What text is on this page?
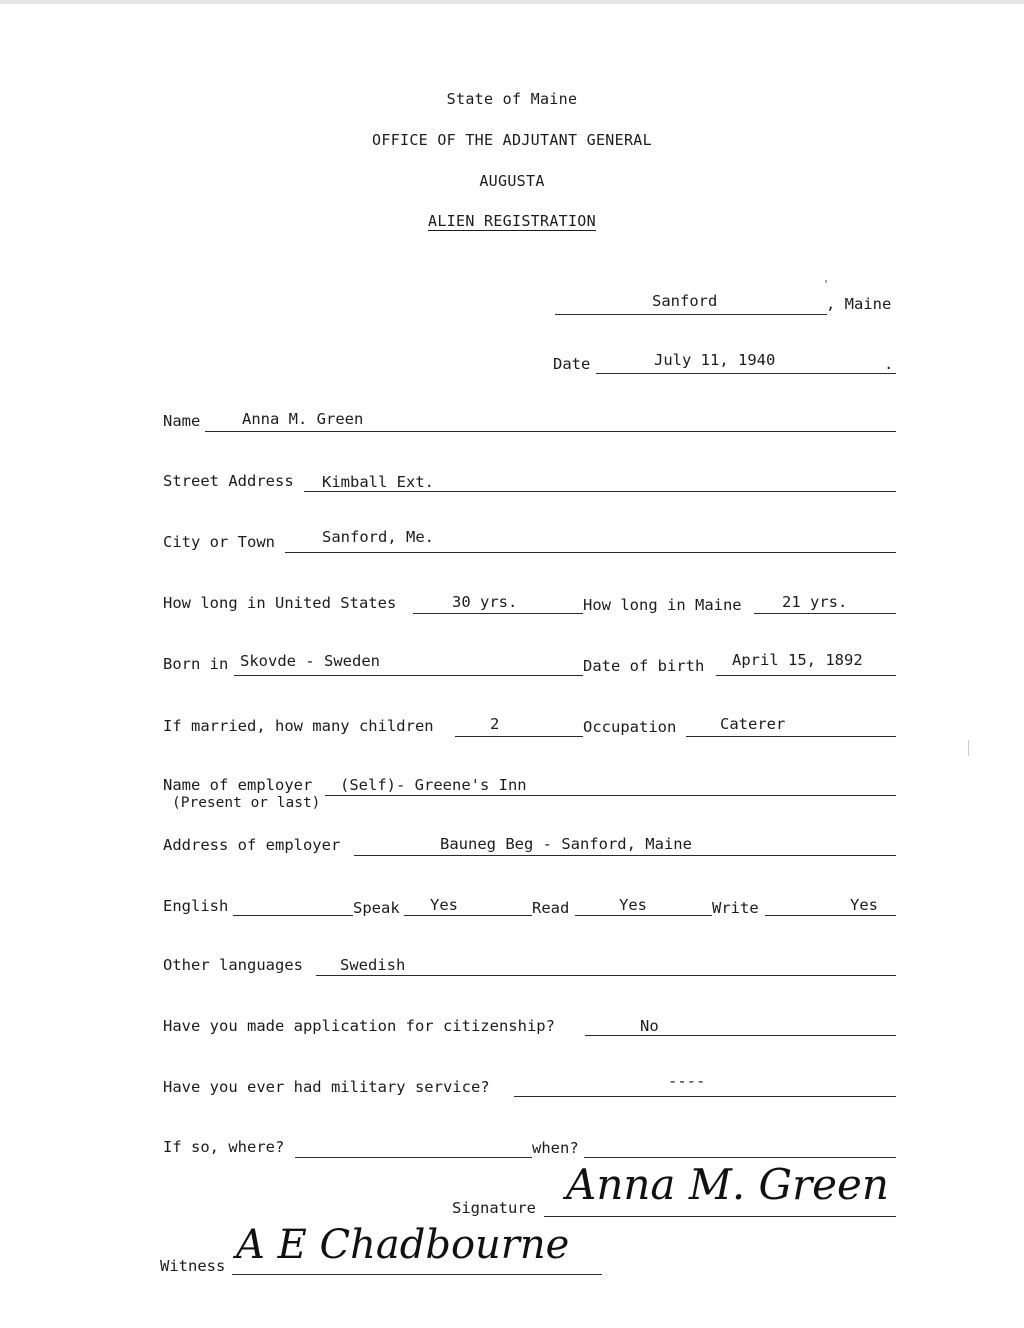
State of Maine
OFFICE OF THE ADJUTANT GENERAL
AUGUSTA
ALIEN REGISTRATION
Sanford	, Maine
Date	July 11, 1940	.
Name	Anna M. Green
Street Address Kimball Ext.
City or Town	Sanford, Me.
How long in United States	30 yrs.	How long in Maine	21 yrs.
Born in Skovde - Sweden	Date of birth April 15, 1892
If married, how many children	2	Occupation	Caterer
Name of employer
(Present or last)
(Self)- Greene's Inn
Address of employer	Bauneg Beg - Sanford, Maine
English	Speak Yes	Read	Yes	Write	Yes
Other languages Swedish
Have you made application for citizenship?	No
Have you ever had military service?	----
If so, where?	when?
Signature Anna M. Green
Witness A E Chadbourne
